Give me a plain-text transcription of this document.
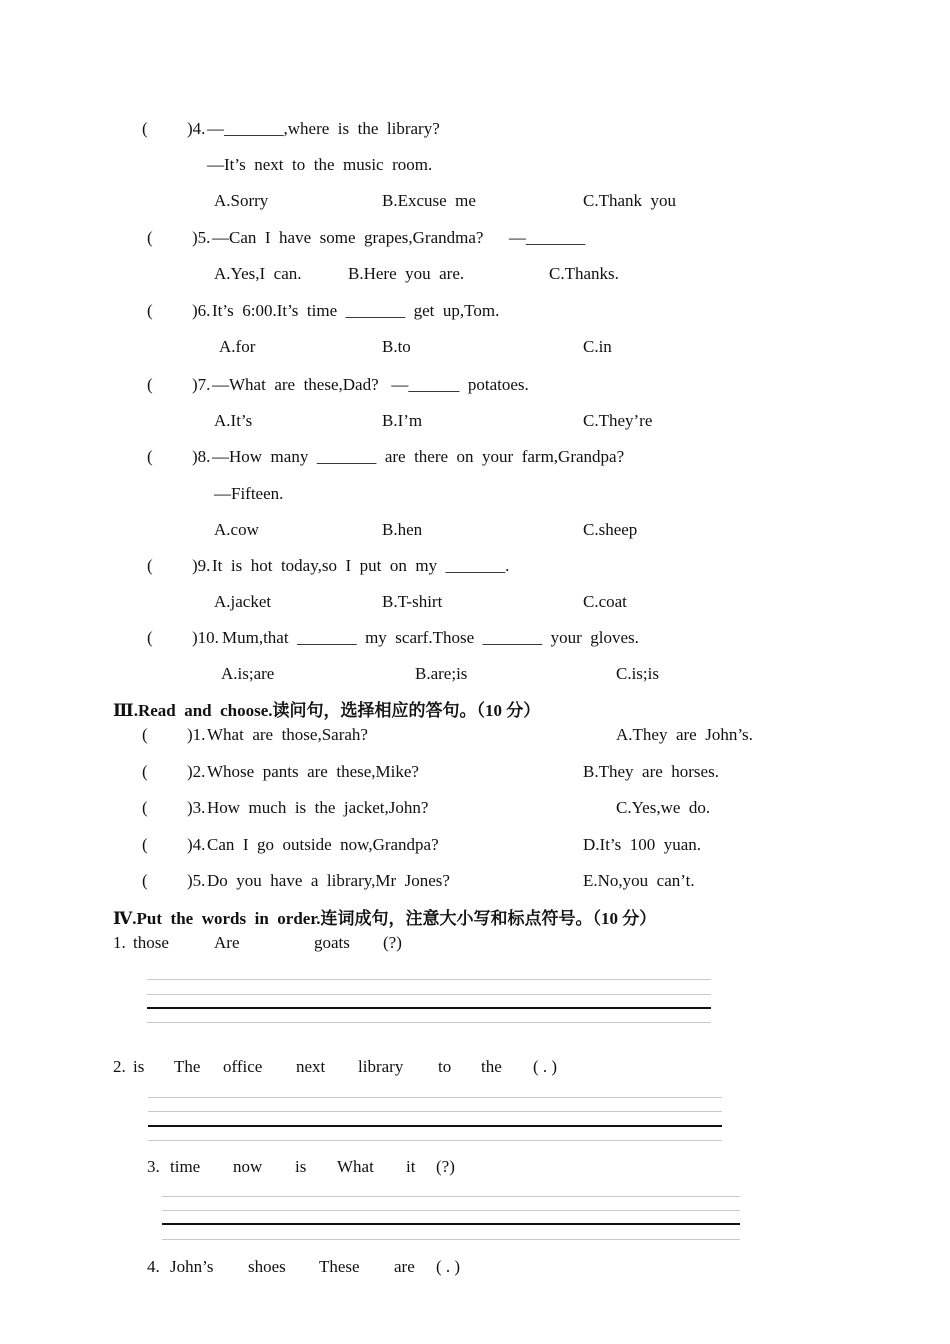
( )4. —_______,where  is  the  library?
—It’s  next  to  the  music  room.
A.Sorry	B.Excuse  me	C.Thank  you
( )5. —Can  I  have  some  grapes,Grandma?      —_______
A.Yes,I  can.	B.Here  you  are.	C.Thanks.
( )6. It’s  6:00.It’s  time  _______  get  up,Tom.
A.for	B.to	C.in
( )7. —What  are  these,Dad?   —______  potatoes.
A.It’s	B.I’m	C.They’re
( )8. —How  many  _______  are  there  on  your  farm,Grandpa?
—Fifteen.
A.cow	B.hen	C.sheep
( )9. It  is  hot  today,so  I  put  on  my  _______.
A.jacket	B.T-shirt	C.coat
( )10. Mum,that  _______  my  scarf.Those  _______  your  gloves.
A.is;are	B.are;is	C.is;is
Ⅲ.Read  and  choose.读问句，选择相应的答句。（10 分）
( )1. What  are  those,Sarah?	A.They  are  John’s.
( )2. Whose  pants  are  these,Mike?	B.They  are  horses.
( )3. How  much  is  the  jacket,John?	C.Yes,we  do.
( )4. Can  I  go  outside  now,Grandpa?	D.It’s  100  yuan.
( )5. Do  you  have  a  library,Mr  Jones?	E.No,you  can’t.
Ⅳ.Put  the  words  in  order.连词成句，注意大小写和标点符号。（10 分）
1. those	Are	goats (?)
2. is The office next library to the ( . )
3. time now is What it (?)
4. John’s shoes These are ( . )
